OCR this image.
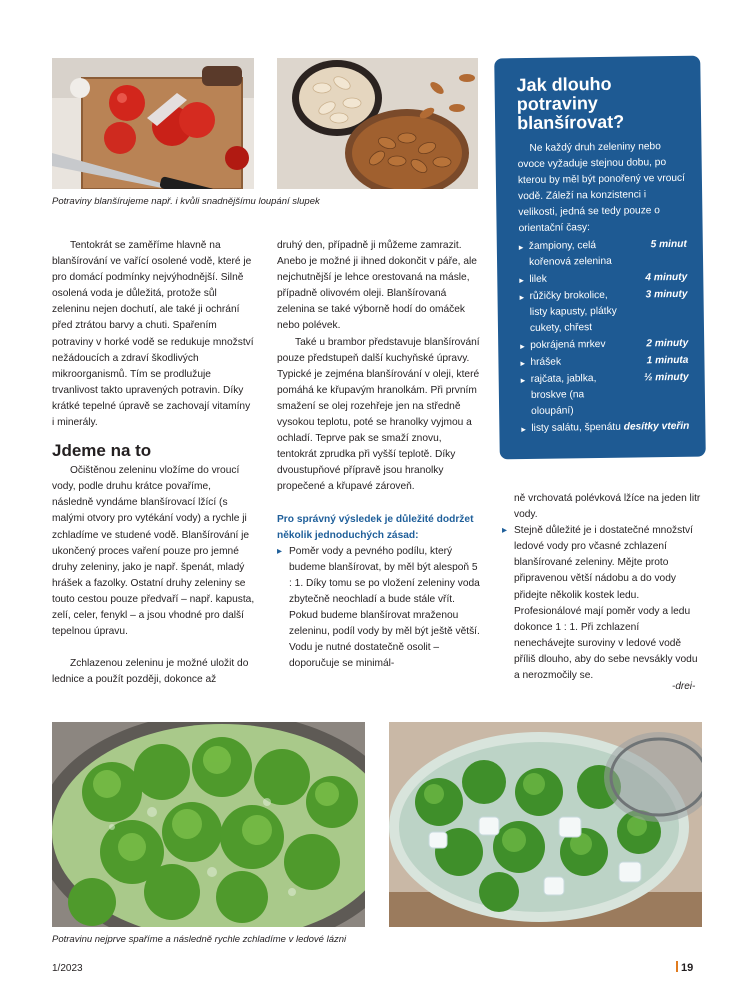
Potraviny blanšírujeme např. i kvůli snadnějšímu loupání slupek

Tentokrát se zaměříme hlavně na blanšírování ve vařící osolené vodě, které je pro domácí podmínky nejvýhodnější. Silně osolená voda je důležitá, protože sůl zeleninu nejen dochutí, ale také ji ochrání před ztrátou barvy a chuti. Spařením potraviny v horké vodě se redukuje množství nežádoucích a zdraví škodlivých mikroorganismů. Tím se prodlužuje trvanlivost takto upravených potravin. Díky krátké tepelné úpravě se zachovají vitamíny i minerály.

Jdeme na to

Očištěnou zeleninu vložíme do vroucí vody, podle druhu krátce povaříme, následně vyndáme blanšírovací lžící (s malými otvory pro vytékání vody) a rychle ji zchladíme ve studené vodě. Blanšírování je ukončený proces vaření pouze pro jemné druhy zeleniny, jako je např. špenát, mladý hrášek a fazolky. Ostatní druhy zeleniny se touto cestou pouze předvaří – např. kapusta, zelí, celer, fenykl – a jsou vhodné pro další tepelnou úpravu.

Zchlazenou zeleninu je možné uložit do lednice a použít později, dokonce až

druhý den, případně ji můžeme zamrazit. Anebo je možné ji ihned dokončit v páře, ale nejchutnější je lehce orestovaná na másle, případně olivovém oleji. Blanšírovaná zelenina se také výborně hodí do omáček nebo polévek.

Také u brambor představuje blanšírování pouze předstupeň další kuchyňské úpravy. Typické je zejména blanšírování v oleji, které pomáhá ke křupavým hranolkám. Při prvním smažení se olej rozehřeje jen na středně vysokou teplotu, poté se hranolky vyjmou a ochladí. Teprve pak se smaží znovu, tentokrát zprudka při vyšší teplotě. Díky dvoustupňové přípravě jsou hranolky propečené a křupavé zároveň.

Pro správný výsledek je důležité dodržet několik jednoduchých zásad:

▸ Poměr vody a pevného podílu, který budeme blanšírovat, by měl být alespoň 5 : 1. Díky tomu se po vložení zeleniny voda zbytečně neochladí a bude stále vřít. Pokud budeme blanšírovat mraženou zeleninu, podíl vody by měl být ještě větší. Vodu je nutné dostatečně osolit – doporučuje se minimál-

ně vrchovatá polévková lžíce na jeden litr vody.

▸ Stejně důležité je i dostatečné množství ledové vody pro včasné zchlazení blanšírované zeleniny. Mějte proto připravenou větší nádobu a do vody přidejte několik kostek ledu. Profesionálové mají poměr vody a ledu dokonce 1 : 1. Při zchlazení nenechávejte suroviny v ledové vodě příliš dlouho, aby do sebe nevsákly vodu a nerozmočily se.
-drei-
Jak dlouho potraviny blanšírovat?

Ne každý druh zeleniny nebo ovoce vyžaduje stejnou dobu, po kterou by měl být ponořený ve vroucí vodě. Záleží na konzistenci i velikosti, jedná se tedy pouze o orientační časy:

▸ žampiony, celá kořenová zelenina
5 minut
▸ lilek	4 minuty
▸ růžičky brokolice, listy kapusty, plátky cukety, chřest
3 minuty
▸ pokrájená mrkev	2 minuty
▸ hrášek	1 minuta
▸ rajčata, jablka, broskve (na oloupání)
½ minuty
▸ listy salátu, špenátu desítky vteřin
Potravinu nejprve spaříme a následně rychle zchladíme v ledové lázni
1/2023	19
